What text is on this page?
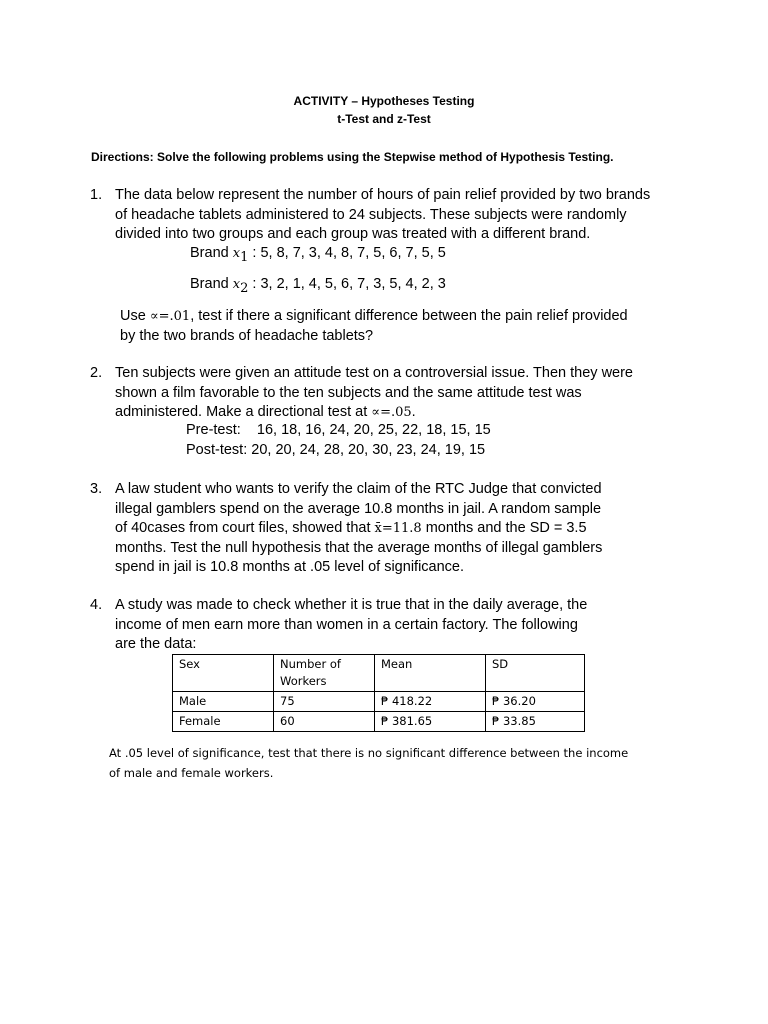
ACTIVITY – Hypotheses Testing
t-Test and z-Test
Directions: Solve the following problems using the Stepwise method of Hypothesis Testing.
1. The data below represent the number of hours of pain relief provided by two brands
of headache tablets administered to 24 subjects. These subjects were randomly
divided into two groups and each group was treated with a different brand.
Brand $x_1$ : 5, 8, 7, 3, 4, 8, 7, 5, 6, 7, 5, 5
Brand $x_2$ : 3, 2, 1, 4, 5, 6, 7, 3, 5, 4, 2, 3
Use ∝=.01, test if there a significant difference between the pain relief provided
by the two brands of headache tablets?
2. Ten subjects were given an attitude test on a controversial issue. Then they were
shown a film favorable to the ten subjects and the same attitude test was
administered. Make a directional test at ∝=.05.
Pre-test: 16, 18, 16, 24, 20, 25, 22, 18, 15, 15
Post-test: 20, 20, 24, 28, 20, 30, 23, 24, 19, 15
3. A law student who wants to verify the claim of the RTC Judge that convicted
illegal gamblers spend on the average 10.8 months in jail. A random sample
of 40cases from court files, showed that x̄=11.8 months and the SD = 3.5
months. Test the null hypothesis that the average months of illegal gamblers
spend in jail is 10.8 months at .05 level of significance.
4. A study was made to check whether it is true that in the daily average, the
income of men earn more than women in a certain factory. The following
are the data:
Sex	Number of Workers	Mean	SD
Male	75	₱ 418.22	₱ 36.20
Female	60	₱ 381.65	₱ 33.85
At .05 level of significance, test that there is no significant difference between the income
of male and female workers.
